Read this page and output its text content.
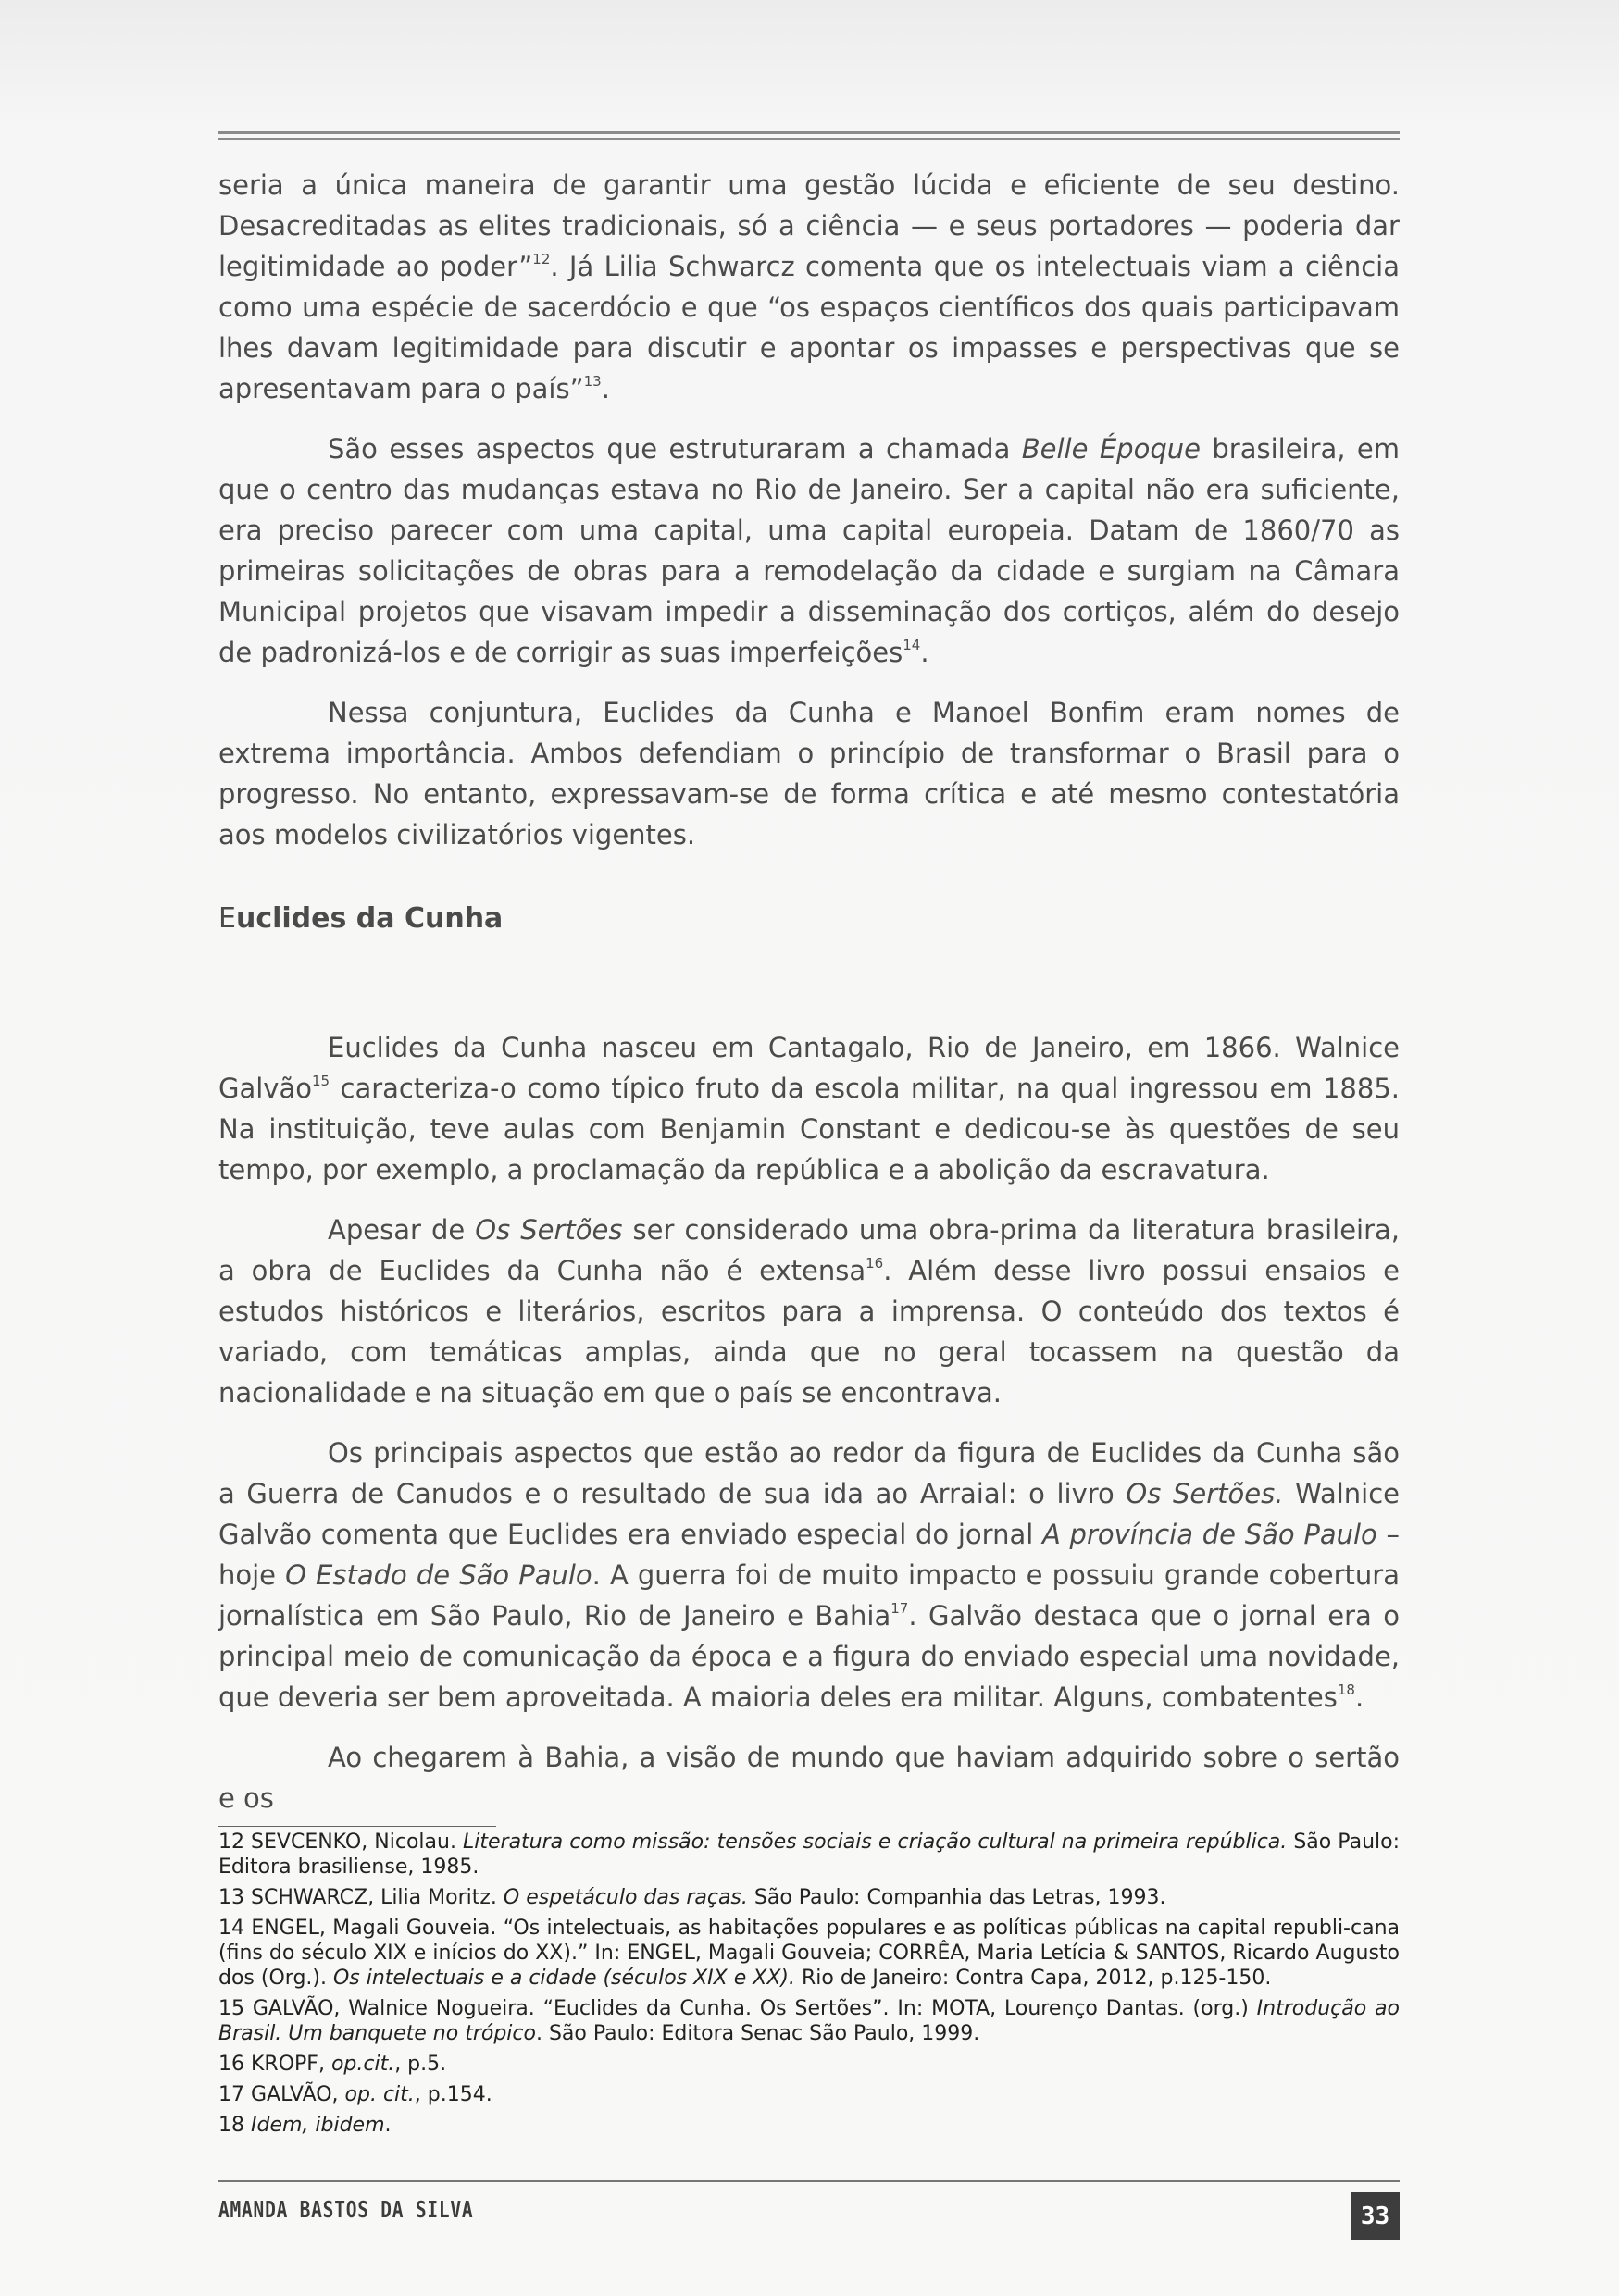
seria a única maneira de garantir uma gestão lúcida e eficiente de seu destino. Desacreditadas as elites tradicionais, só a ciência — e seus portadores — poderia dar legitimidade ao poder”$^{12}$. Já Lilia Schwarcz comenta que os intelectuais viam a ciência como uma espécie de sacerdócio e que “os espaços científicos dos quais participavam lhes davam legitimidade para discutir e apontar os impasses e perspectivas que se apresentavam para o país”$^{13}$.

São esses aspectos que estruturaram a chamada Belle Époque brasileira, em que o centro das mudanças estava no Rio de Janeiro. Ser a capital não era suficiente, era preciso parecer com uma capital, uma capital europeia. Datam de 1860/70 as primeiras solicitações de obras para a remodelação da cidade e surgiam na Câmara Municipal projetos que visavam impedir a disseminação dos cortiços, além do desejo de padronizá-los e de corrigir as suas imperfeições$^{14}$.

Nessa conjuntura, Euclides da Cunha e Manoel Bonfim eram nomes de extrema importância. Ambos defendiam o princípio de transformar o Brasil para o progresso. No entanto, expressavam-se de forma crítica e até mesmo contestatória aos modelos civilizatórios vigentes.

Euclides da Cunha

Euclides da Cunha nasceu em Cantagalo, Rio de Janeiro, em 1866. Walnice Galvão$^{15}$ caracteriza-o como típico fruto da escola militar, na qual ingressou em 1885. Na instituição, teve aulas com Benjamin Constant e dedicou-se às questões de seu tempo, por exemplo, a proclamação da república e a abolição da escravatura.

Apesar de Os Sertões ser considerado uma obra-prima da literatura brasileira, a obra de Euclides da Cunha não é extensa$^{16}$. Além desse livro possui ensaios e estudos históricos e literários, escritos para a imprensa. O conteúdo dos textos é variado, com temáticas amplas, ainda que no geral tocassem na questão da nacionalidade e na situação em que o país se encontrava.

Os principais aspectos que estão ao redor da figura de Euclides da Cunha são a Guerra de Canudos e o resultado de sua ida ao Arraial: o livro Os Sertões. Walnice Galvão comenta que Euclides era enviado especial do jornal A província de São Paulo – hoje O Estado de São Paulo. A guerra foi de muito impacto e possuiu grande cobertura jornalística em São Paulo, Rio de Janeiro e Bahia$^{17}$. Galvão destaca que o jornal era o principal meio de comunicação da época e a figura do enviado especial uma novidade, que deveria ser bem aproveitada. A maioria deles era militar. Alguns, combatentes$^{18}$.

Ao chegarem à Bahia, a visão de mundo que haviam adquirido sobre o sertão e os

12 SEVCENKO, Nicolau. Literatura como missão: tensões sociais e criação cultural na primeira república. São Paulo: Editora brasiliense, 1985.
13 SCHWARCZ, Lilia Moritz. O espetáculo das raças. São Paulo: Companhia das Letras, 1993.
14 ENGEL, Magali Gouveia. “Os intelectuais, as habitações populares e as políticas públicas na capital republi-cana (fins do século XIX e inícios do XX).” In: ENGEL, Magali Gouveia; CORRÊA, Maria Letícia & SANTOS, Ricardo Augusto dos (Org.). Os intelectuais e a cidade (séculos XIX e XX). Rio de Janeiro: Contra Capa, 2012, p.125-150.
15 GALVÃO, Walnice Nogueira. “Euclides da Cunha. Os Sertões”. In: MOTA, Lourenço Dantas. (org.) Introdução ao Brasil. Um banquete no trópico. São Paulo: Editora Senac São Paulo, 1999.
16 KROPF, op.cit., p.5.
17 GALVÃO, op. cit., p.154.
18 Idem, ibidem.
AMANDA BASTOS DA SILVA	33
